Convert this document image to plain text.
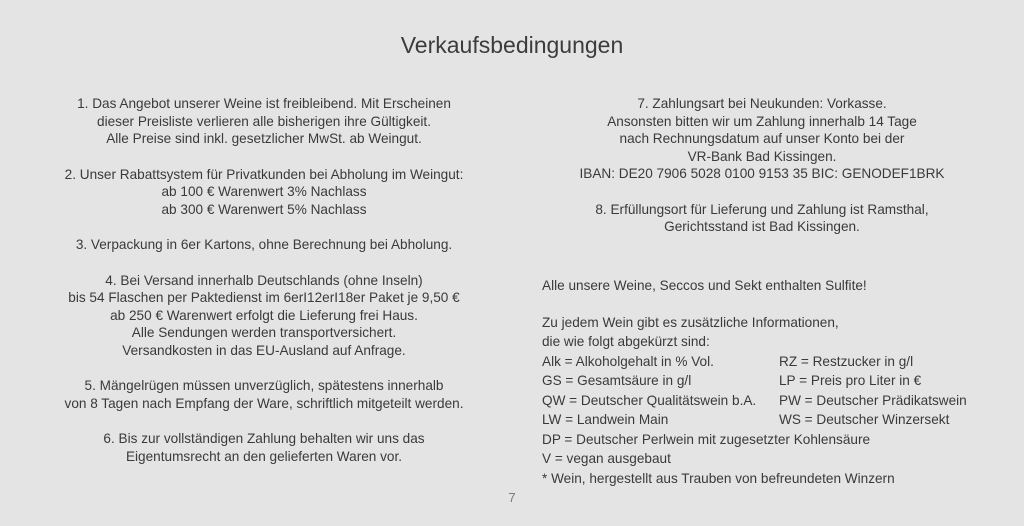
Verkaufsbedingungen
1. Das Angebot unserer Weine ist freibleibend. Mit Erscheinen
dieser Preisliste verlieren alle bisherigen ihre Gültigkeit.
Alle Preise sind inkl. gesetzlicher MwSt. ab Weingut.
2. Unser Rabattsystem für Privatkunden bei Abholung im Weingut:
ab 100 € Warenwert 3% Nachlass
ab 300 € Warenwert 5% Nachlass
3. Verpackung in 6er Kartons, ohne Berechnung bei Abholung.
4. Bei Versand innerhalb Deutschlands (ohne Inseln)
bis 54 Flaschen per Paktedienst im 6erI12erI18er Paket je 9,50 €
ab 250 € Warenwert erfolgt die Lieferung frei Haus.
Alle Sendungen werden transportversichert.
Versandkosten in das EU-Ausland auf Anfrage.
5. Mängelrügen müssen unverzüglich, spätestens innerhalb
von 8 Tagen nach Empfang der Ware, schriftlich mitgeteilt werden.
6. Bis zur vollständigen Zahlung behalten wir uns das
Eigentumsrecht an den gelieferten Waren vor.
7. Zahlungsart bei Neukunden: Vorkasse.
Ansonsten bitten wir um Zahlung innerhalb 14 Tage
nach Rechnungsdatum auf unser Konto bei der
VR-Bank Bad Kissingen.
IBAN: DE20 7906 5028 0100 9153 35 BIC: GENODEF1BRK
8. Erfüllungsort für Lieferung und Zahlung ist Ramsthal,
Gerichtsstand ist Bad Kissingen.
Alle unsere Weine, Seccos und Sekt enthalten Sulfite!
Zu jedem Wein gibt es zusätzliche Informationen,
die wie folgt abgekürzt sind:
Alk = Alkoholgehalt in % Vol.	RZ = Restzucker in g/l
GS = Gesamtsäure in g/l	LP = Preis pro Liter in €
QW = Deutscher Qualitätswein b.A.	PW = Deutscher Prädikatswein
LW = Landwein Main	WS = Deutscher Winzersekt
DP = Deutscher Perlwein mit zugesetzter Kohlensäure
V = vegan ausgebaut
* Wein, hergestellt aus Trauben von befreundeten Winzern
7
